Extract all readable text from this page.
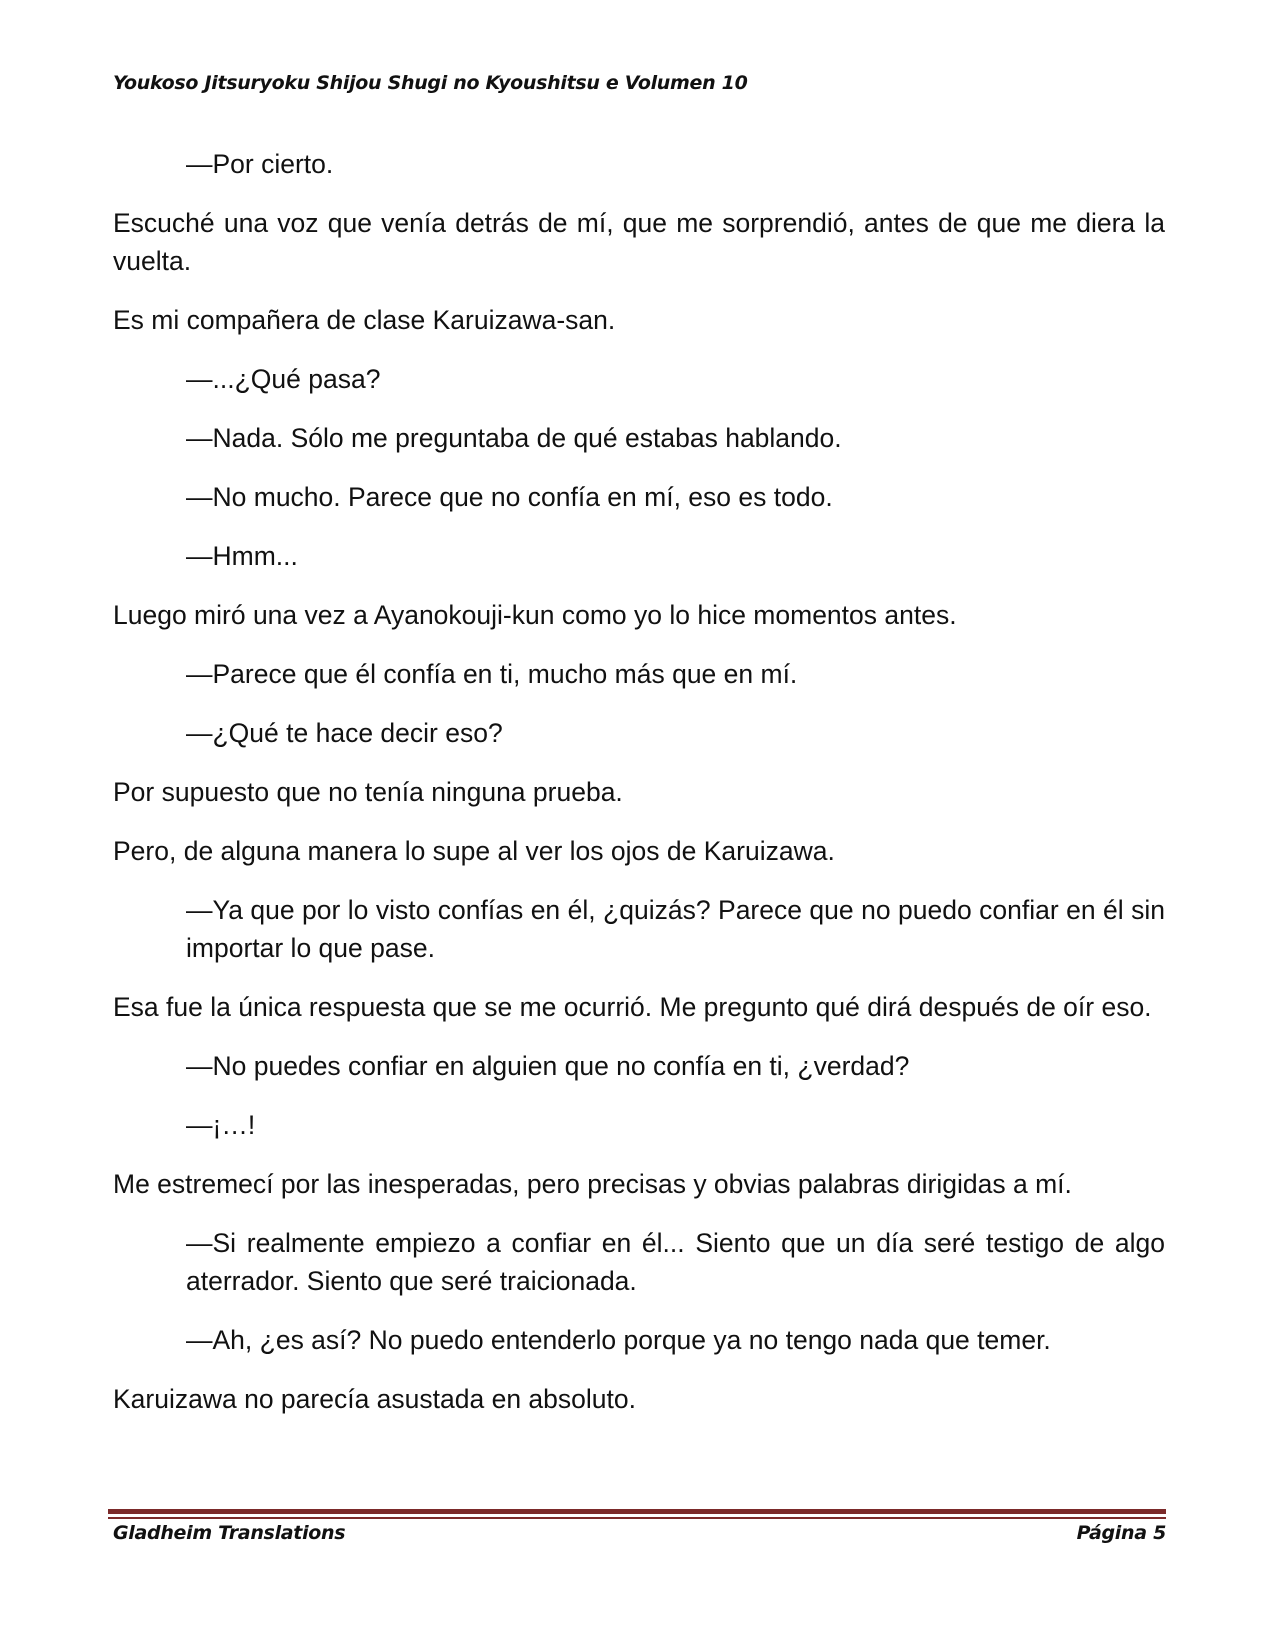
Youkoso Jitsuryoku Shijou Shugi no Kyoushitsu e Volumen 10

—Por cierto.

Escuché una voz que venía detrás de mí, que me sorprendió, antes de que me diera la vuelta.

Es mi compañera de clase Karuizawa-san.

—...¿Qué pasa?

—Nada. Sólo me preguntaba de qué estabas hablando.

—No mucho. Parece que no confía en mí, eso es todo.

—Hmm...

Luego miró una vez a Ayanokouji-kun como yo lo hice momentos antes.

—Parece que él confía en ti, mucho más que en mí.

—¿Qué te hace decir eso?

Por supuesto que no tenía ninguna prueba.

Pero, de alguna manera lo supe al ver los ojos de Karuizawa.

—Ya que por lo visto confías en él, ¿quizás? Parece que no puedo confiar en él sin importar lo que pase.

Esa fue la única respuesta que se me ocurrió. Me pregunto qué dirá después de oír eso.

—No puedes confiar en alguien que no confía en ti, ¿verdad?

—¡…!

Me estremecí por las inesperadas, pero precisas y obvias palabras dirigidas a mí.

—Si realmente empiezo a confiar en él... Siento que un día seré testigo de algo aterrador. Siento que seré traicionada.

—Ah, ¿es así? No puedo entenderlo porque ya no tengo nada que temer.

Karuizawa no parecía asustada en absoluto.

Gladheim Translations	Página 5
